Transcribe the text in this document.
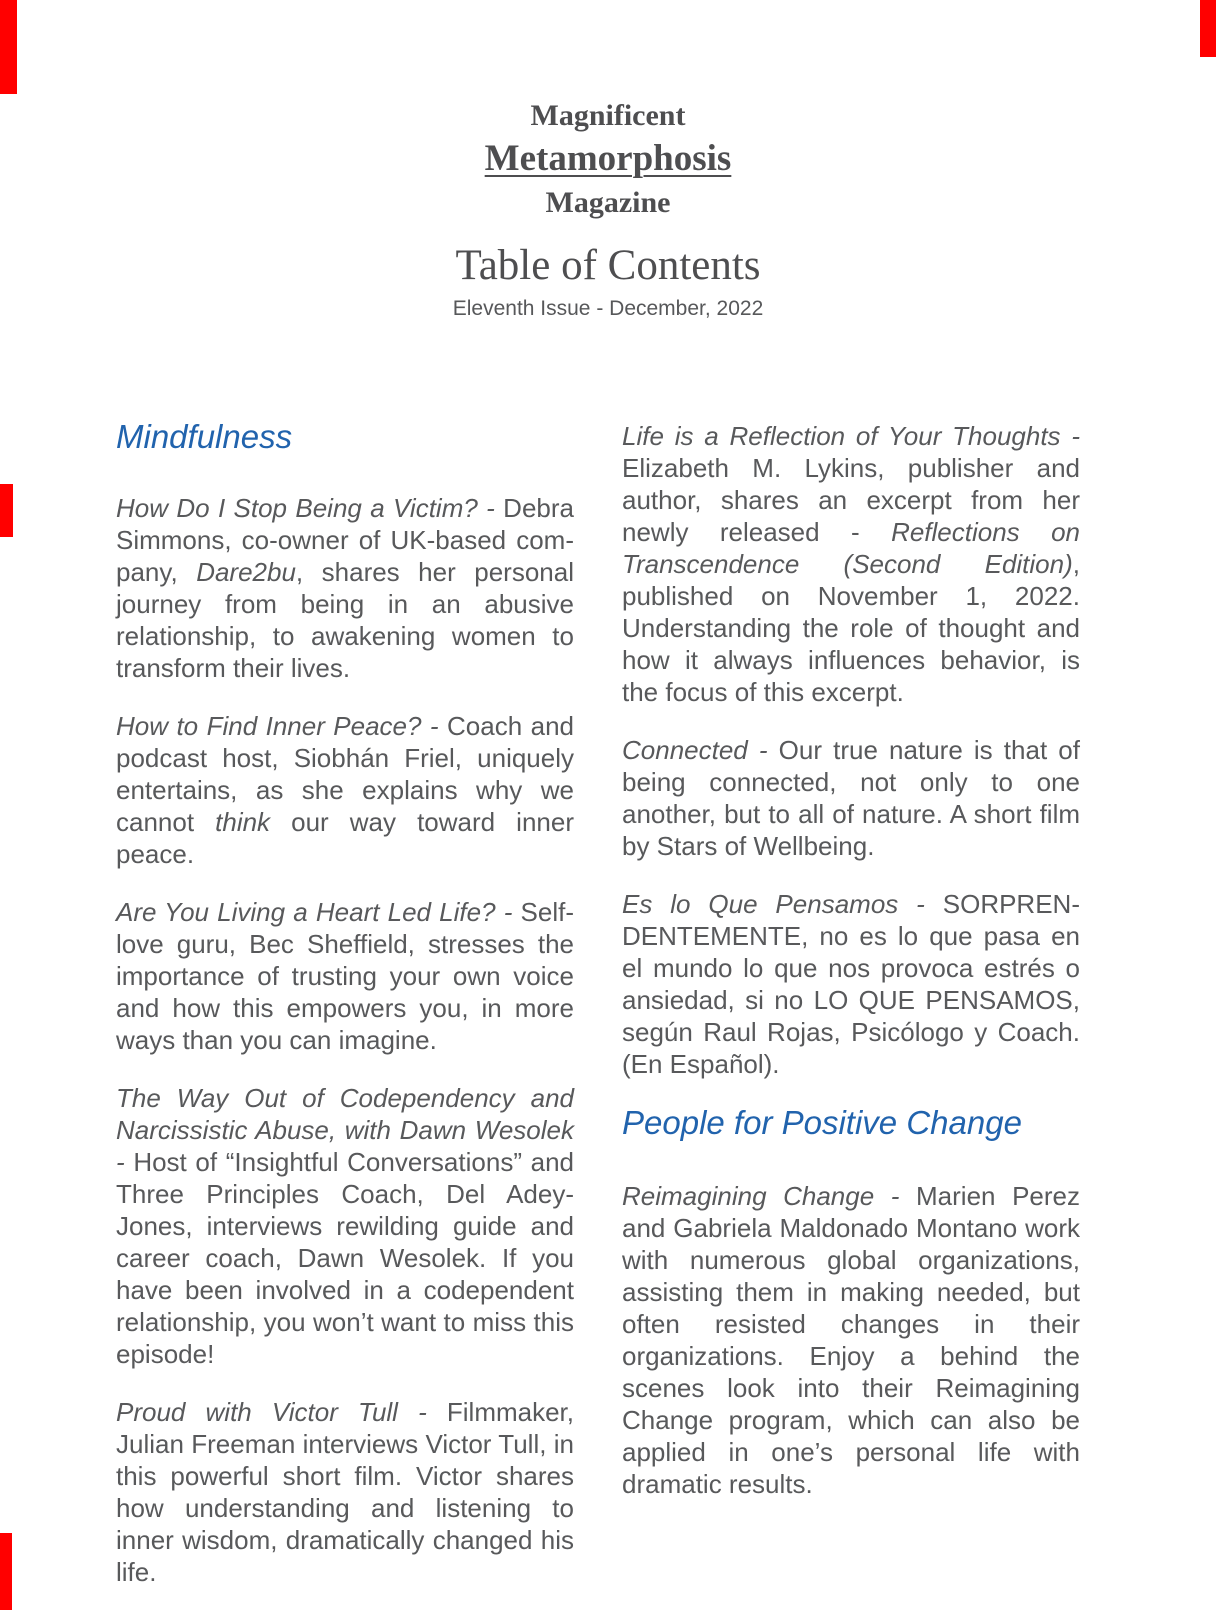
Magnificent
Metamorphosis
Magazine
Table of Contents
Eleventh Issue - December, 2022
Mindfulness

How Do I Stop Being a Victim? - Debra Simmons, co-owner of UK-based com-pany, Dare2bu, shares her personal journey from being in an abusive relationship, to awakening women to transform their lives.

How to Find Inner Peace? - Coach and podcast host, Siobhán Friel, uniquely entertains, as she explains why we cannot think our way toward inner peace.

Are You Living a Heart Led Life? - Self-love guru, Bec Sheffield, stresses the importance of trusting your own voice and how this empowers you, in more ways than you can imagine.

The Way Out of Codependency and Narcissistic Abuse, with Dawn Wesolek - Host of “Insightful Conversations” and Three Principles Coach, Del Adey-Jones, interviews rewilding guide and career coach, Dawn Wesolek. If you have been involved in a codependent relationship, you won’t want to miss this episode!

Proud with Victor Tull - Filmmaker, Julian Freeman interviews Victor Tull, in this powerful short film. Victor shares how understanding and listening to inner wisdom, dramatically changed his life.

Life is a Reflection of Your Thoughts - Elizabeth M. Lykins, publisher and author, shares an excerpt from her newly released - Reflections on Transcendence (Second Edition), published on November 1, 2022. Understanding the role of thought and how it always influences behavior, is the focus of this excerpt.

Connected - Our true nature is that of being connected, not only to one another, but to all of nature. A short film by Stars of Wellbeing.

Es lo Que Pensamos - SORPREN-DENTEMENTE, no es lo que pasa en el mundo lo que nos provoca estrés o ansiedad, si no LO QUE PENSAMOS, según Raul Rojas, Psicólogo y Coach. (En Español).

People for Positive Change

Reimagining Change - Marien Perez and Gabriela Maldonado Montano work with numerous global organizations, assisting them in making needed, but often resisted changes in their organizations. Enjoy a behind the scenes look into their Reimagining Change program, which can also be applied in one’s personal life with dramatic results.
